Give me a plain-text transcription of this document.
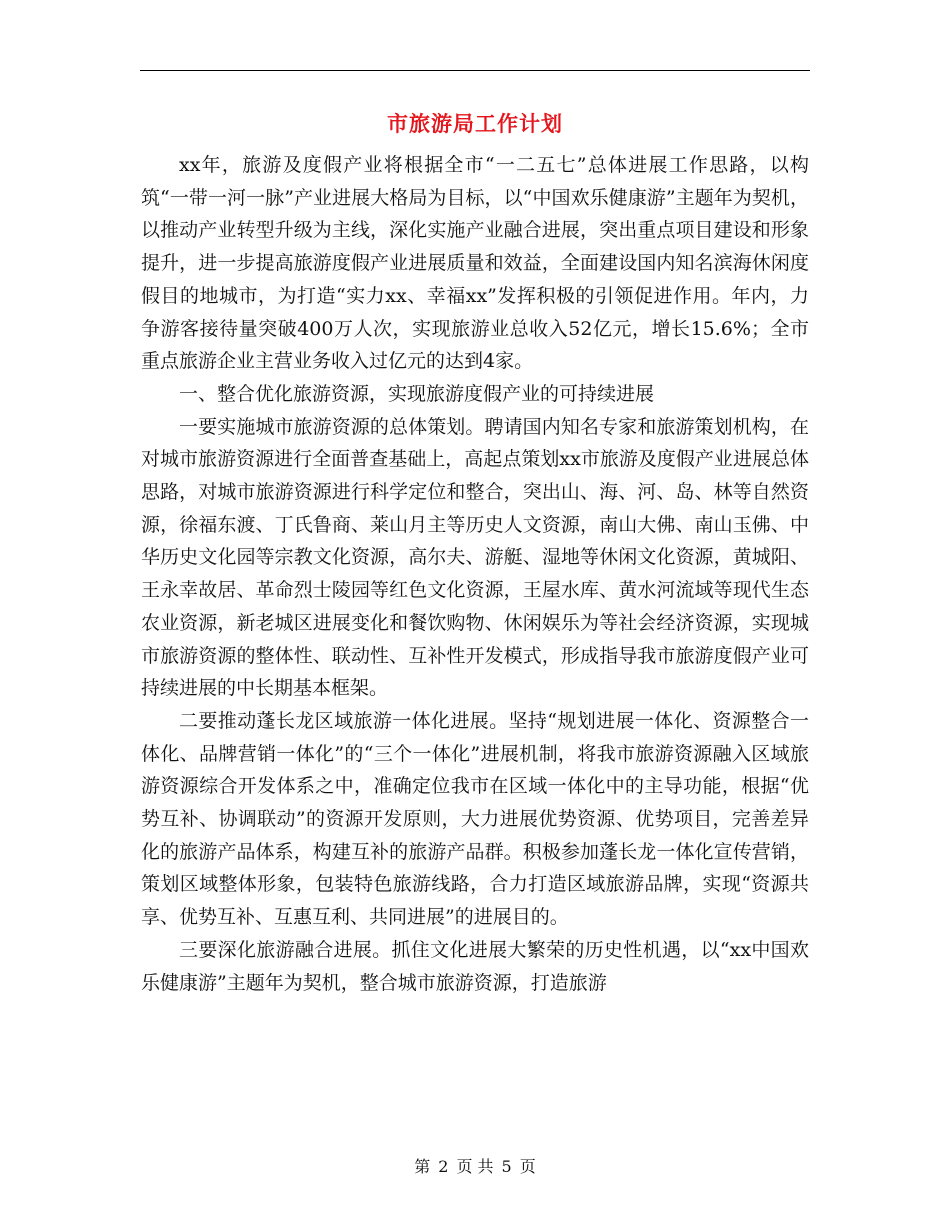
市旅游局工作计划

xx年，旅游及度假产业将根据全市“一二五七”总体进展工作思路，以构筑“一带一河一脉”产业进展大格局为目标，以“中国欢乐健康游”主题年为契机，以推动产业转型升级为主线，深化实施产业融合进展，突出重点项目建设和形象提升，进一步提高旅游度假产业进展质量和效益，全面建设国内知名滨海休闲度假目的地城市，为打造“实力xx、幸福xx”发挥积极的引领促进作用。年内，力争游客接待量突破400万人次，实现旅游业总收入52亿元，增长15.6%；全市重点旅游企业主营业务收入过亿元的达到4家。

一、整合优化旅游资源，实现旅游度假产业的可持续进展

一要实施城市旅游资源的总体策划。聘请国内知名专家和旅游策划机构，在对城市旅游资源进行全面普查基础上，高起点策划xx市旅游及度假产业进展总体思路，对城市旅游资源进行科学定位和整合，突出山、海、河、岛、林等自然资源，徐福东渡、丁氏鲁商、莱山月主等历史人文资源，南山大佛、南山玉佛、中华历史文化园等宗教文化资源，高尔夫、游艇、湿地等休闲文化资源，黄城阳、王永幸故居、革命烈士陵园等红色文化资源，王屋水库、黄水河流域等现代生态农业资源，新老城区进展变化和餐饮购物、休闲娱乐为等社会经济资源，实现城市旅游资源的整体性、联动性、互补性开发模式，形成指导我市旅游度假产业可持续进展的中长期基本框架。

二要推动蓬长龙区域旅游一体化进展。坚持“规划进展一体化、资源整合一体化、品牌营销一体化”的“三个一体化”进展机制，将我市旅游资源融入区域旅游资源综合开发体系之中，准确定位我市在区域一体化中的主导功能，根据“优势互补、协调联动”的资源开发原则，大力进展优势资源、优势项目，完善差异化的旅游产品体系，构建互补的旅游产品群。积极参加蓬长龙一体化宣传营销，策划区域整体形象，包装特色旅游线路，合力打造区域旅游品牌，实现“资源共享、优势互补、互惠互利、共同进展”的进展目的。

三要深化旅游融合进展。抓住文化进展大繁荣的历史性机遇，以“xx中国欢乐健康游”主题年为契机，整合城市旅游资源，打造旅游

第 2 页 共 5 页
